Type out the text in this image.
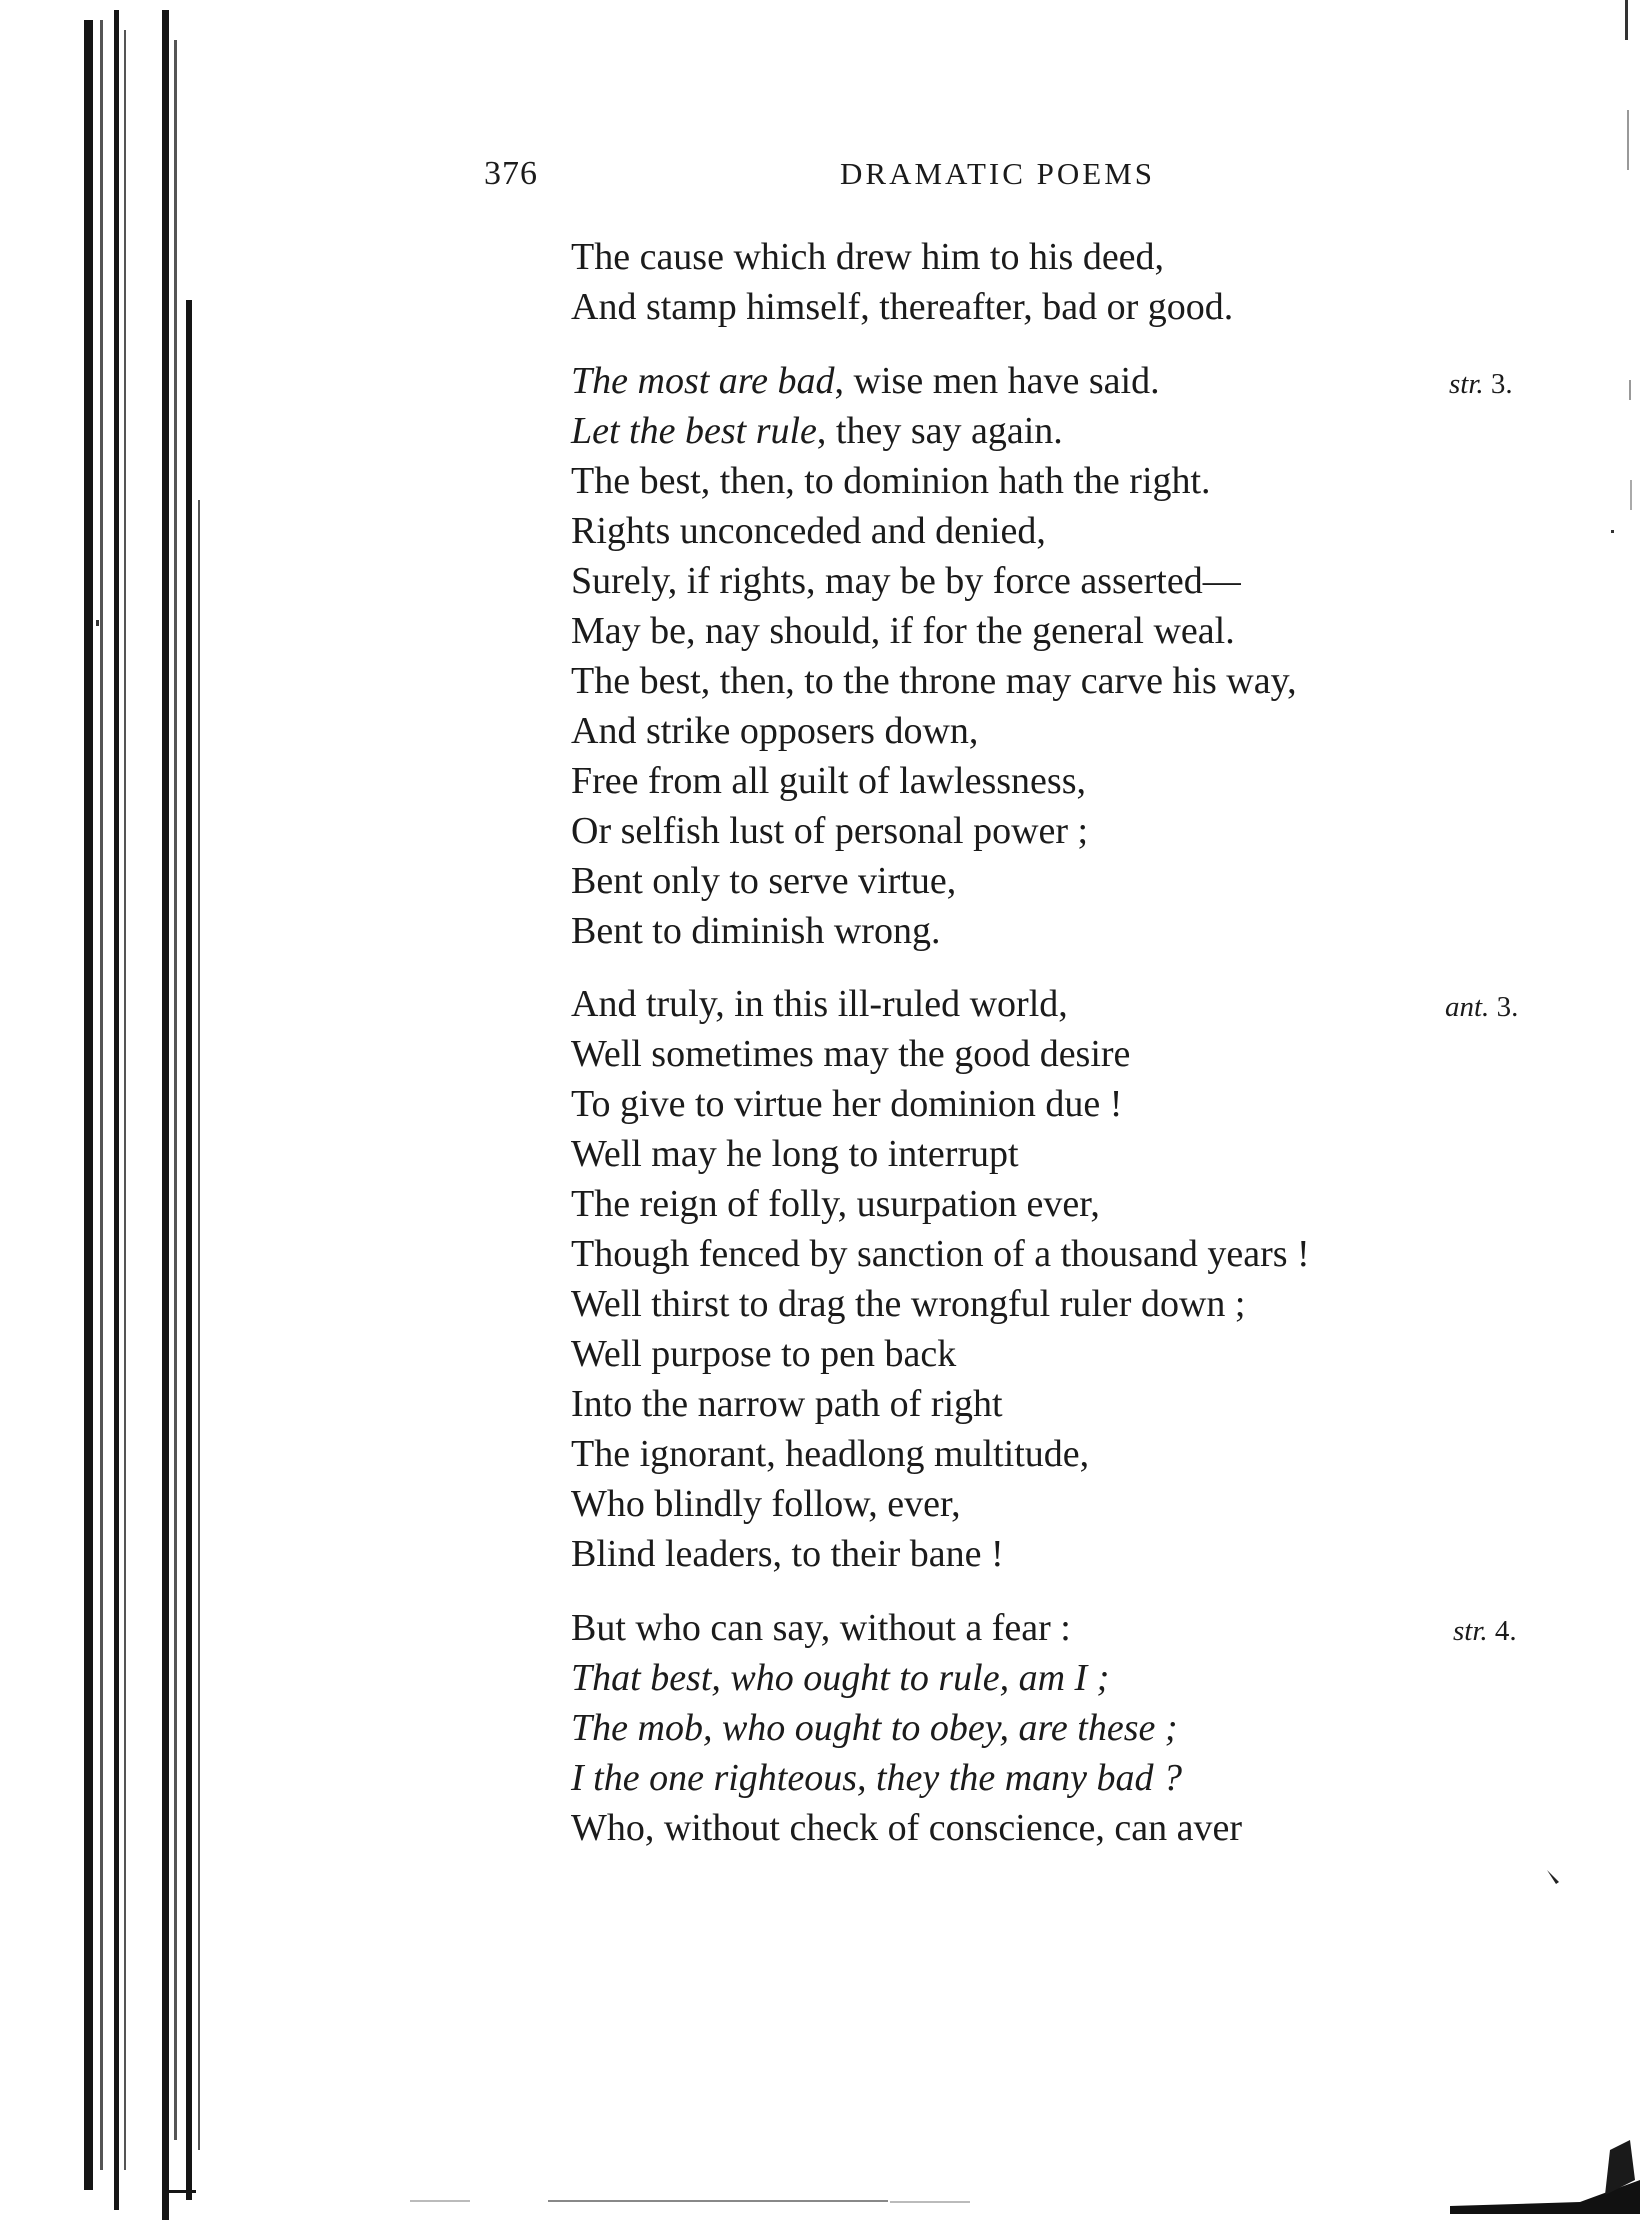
376	DRAMATIC POEMS
The cause which drew him to his deed,
And stamp himself, thereafter, bad or good.
The most are bad, wise men have said.
Let the best rule, they say again.
The best, then, to dominion hath the right.
Rights unconceded and denied,
Surely, if rights, may be by force asserted—
May be, nay should, if for the general weal.
The best, then, to the throne may carve his way,
And strike opposers down,
Free from all guilt of lawlessness,
Or selfish lust of personal power ;
Bent only to serve virtue,
Bent to diminish wrong.
str. 3.
And truly, in this ill-ruled world,
Well sometimes may the good desire
To give to virtue her dominion due !
Well may he long to interrupt
The reign of folly, usurpation ever,
Though fenced by sanction of a thousand years !
Well thirst to drag the wrongful ruler down ;
Well purpose to pen back
Into the narrow path of right
The ignorant, headlong multitude,
Who blindly follow, ever,
Blind leaders, to their bane !
ant. 3.
But who can say, without a fear :
That best, who ought to rule, am I ;
The mob, who ought to obey, are these ;
I the one righteous, they the many bad ?
Who, without check of conscience, can aver
str. 4.
